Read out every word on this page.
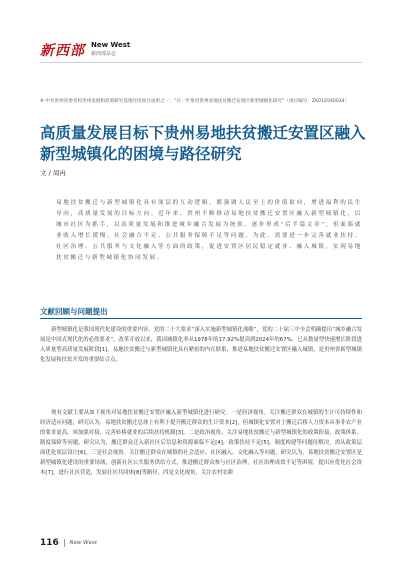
新西部 New West
新西部杂志
※ 中共贵州省委党校贵州发展和政策研究基地年度项目成果之一：“在一步推进贵州易地扶贫搬迁安置区新型城镇化研究”（项目编号：ZK01Z040034）
高质量发展目标下贵州易地扶贫搬迁安置区融入新型城镇化的困境与路径研究
文 / 周冉
易地扶贫搬迁与新型城镇化具有深层的互动逻辑，都强调人民至上的价值取向，增进福利的民生导向，高质量发展的目标方向。近年来，贵州不断推动易地扶贫搬迁安置区融入新型城镇化，以城市社区为抓手，以高质量发展和推进城乡融合发展为统领，逐步形成“后半篇文章”，但面临就业收入增长缓慢、社会融合不足、公共服务保障不足等问题。为此，需要进一步完善就业扶持、社区治理、公共服务与文化融入等方面的政策，促进安置区居民稳定就业、融入城镇，实现易地扶贫搬迁与新型城镇化协同发展。
文献回顾与问题提出

新型城镇化是我国现代化建设的重要内容。党的二十大要求“深入实施新型城镇化战略”，党的二十届三中全会明确提出“城乡融合发展是中国式现代化的必然要求”。改革开放以来，我国城镇化率从1978年的17.92%提高到2024年的67%，已从数量型快速增长阶段进入质量型高质量发展阶段[1]。易地扶贫搬迁与新型城镇化具有紧密的内在联系，推进易地扶贫搬迁安置区融入城镇，是贵州省新型城镇化发展和扶贫开发的重要结合点。

现有文献主要从如下视角对易地扶贫搬迁安置区融入新型城镇化进行研究：一是经济视角。关注搬迁群众在城镇的生计可持续性和经济适应问题，研究认为，易地扶贫搬迁总体上有利于提升搬迁群众的生计资本[2]，但城镇化安置对于搬迁后移人力资本从事非农产业的要求更高，须加强对接，完善转移就业的后续扶持机制[3]。二是政治视角。关注易地扶贫搬迁与新型城镇化的政策衔接、政策体系、制度保障等问题，研究认为，搬迁群众迁入新社区后信息和资源面临不足[4]，政策扶持不足[5]，制度构建等问题待解决，需从政策层面优化顶层设计[6]。三是社会视角。关注搬迁群众在城镇的社会适应、社区融入、文化融入等问题，研究认为，易地扶贫搬迁安置区是新型城镇化建设的重要场域，创新社区公共服务供给方式，推进搬迁群众参与社区治理，社区治理成效不足等困境，提出应优化社会资本[7]，进行社区营造，发展社区共同体[8]等路径。四是文化视角。关注农村农耕

116 New West
